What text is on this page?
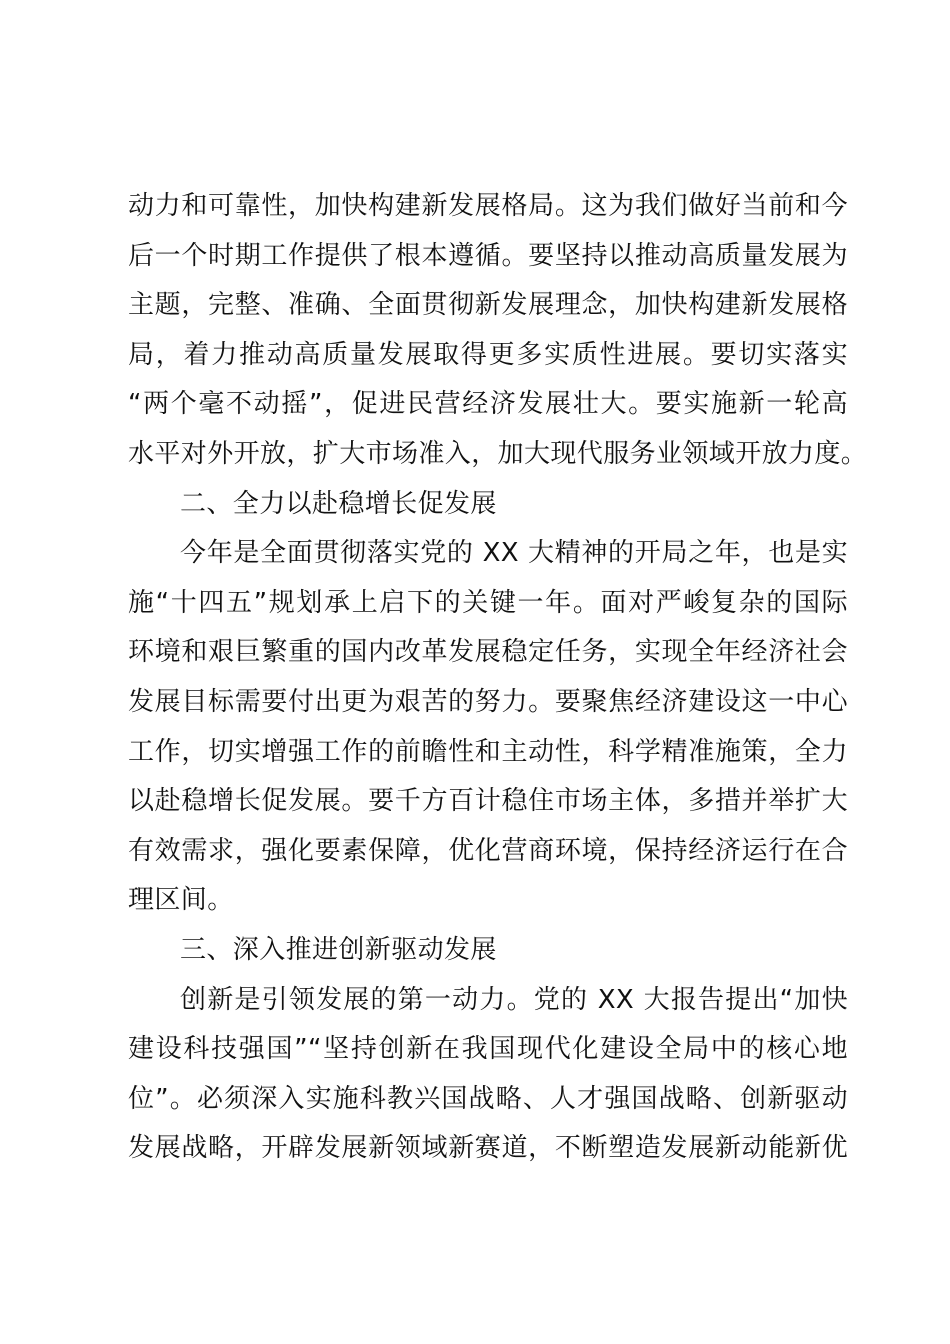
动力和可靠性，加快构建新发展格局。这为我们做好当前和今
后一个时期工作提供了根本遵循。要坚持以推动高质量发展为
主题，完整、准确、全面贯彻新发展理念，加快构建新发展格
局，着力推动高质量发展取得更多实质性进展。要切实落实
“两个毫不动摇”，促进民营经济发展壮大。要实施新一轮高
水平对外开放，扩大市场准入，加大现代服务业领域开放力度。
二、全力以赴稳增长促发展
今年是全面贯彻落实党的 XX 大精神的开局之年，也是实
施“十四五”规划承上启下的关键一年。面对严峻复杂的国际
环境和艰巨繁重的国内改革发展稳定任务，实现全年经济社会
发展目标需要付出更为艰苦的努力。要聚焦经济建设这一中心
工作，切实增强工作的前瞻性和主动性，科学精准施策，全力
以赴稳增长促发展。要千方百计稳住市场主体，多措并举扩大
有效需求，强化要素保障，优化营商环境，保持经济运行在合
理区间。
三、深入推进创新驱动发展
创新是引领发展的第一动力。党的 XX 大报告提出“加快
建设科技强国”“坚持创新在我国现代化建设全局中的核心地
位”。必须深入实施科教兴国战略、人才强国战略、创新驱动
发展战略，开辟发展新领域新赛道，不断塑造发展新动能新优
